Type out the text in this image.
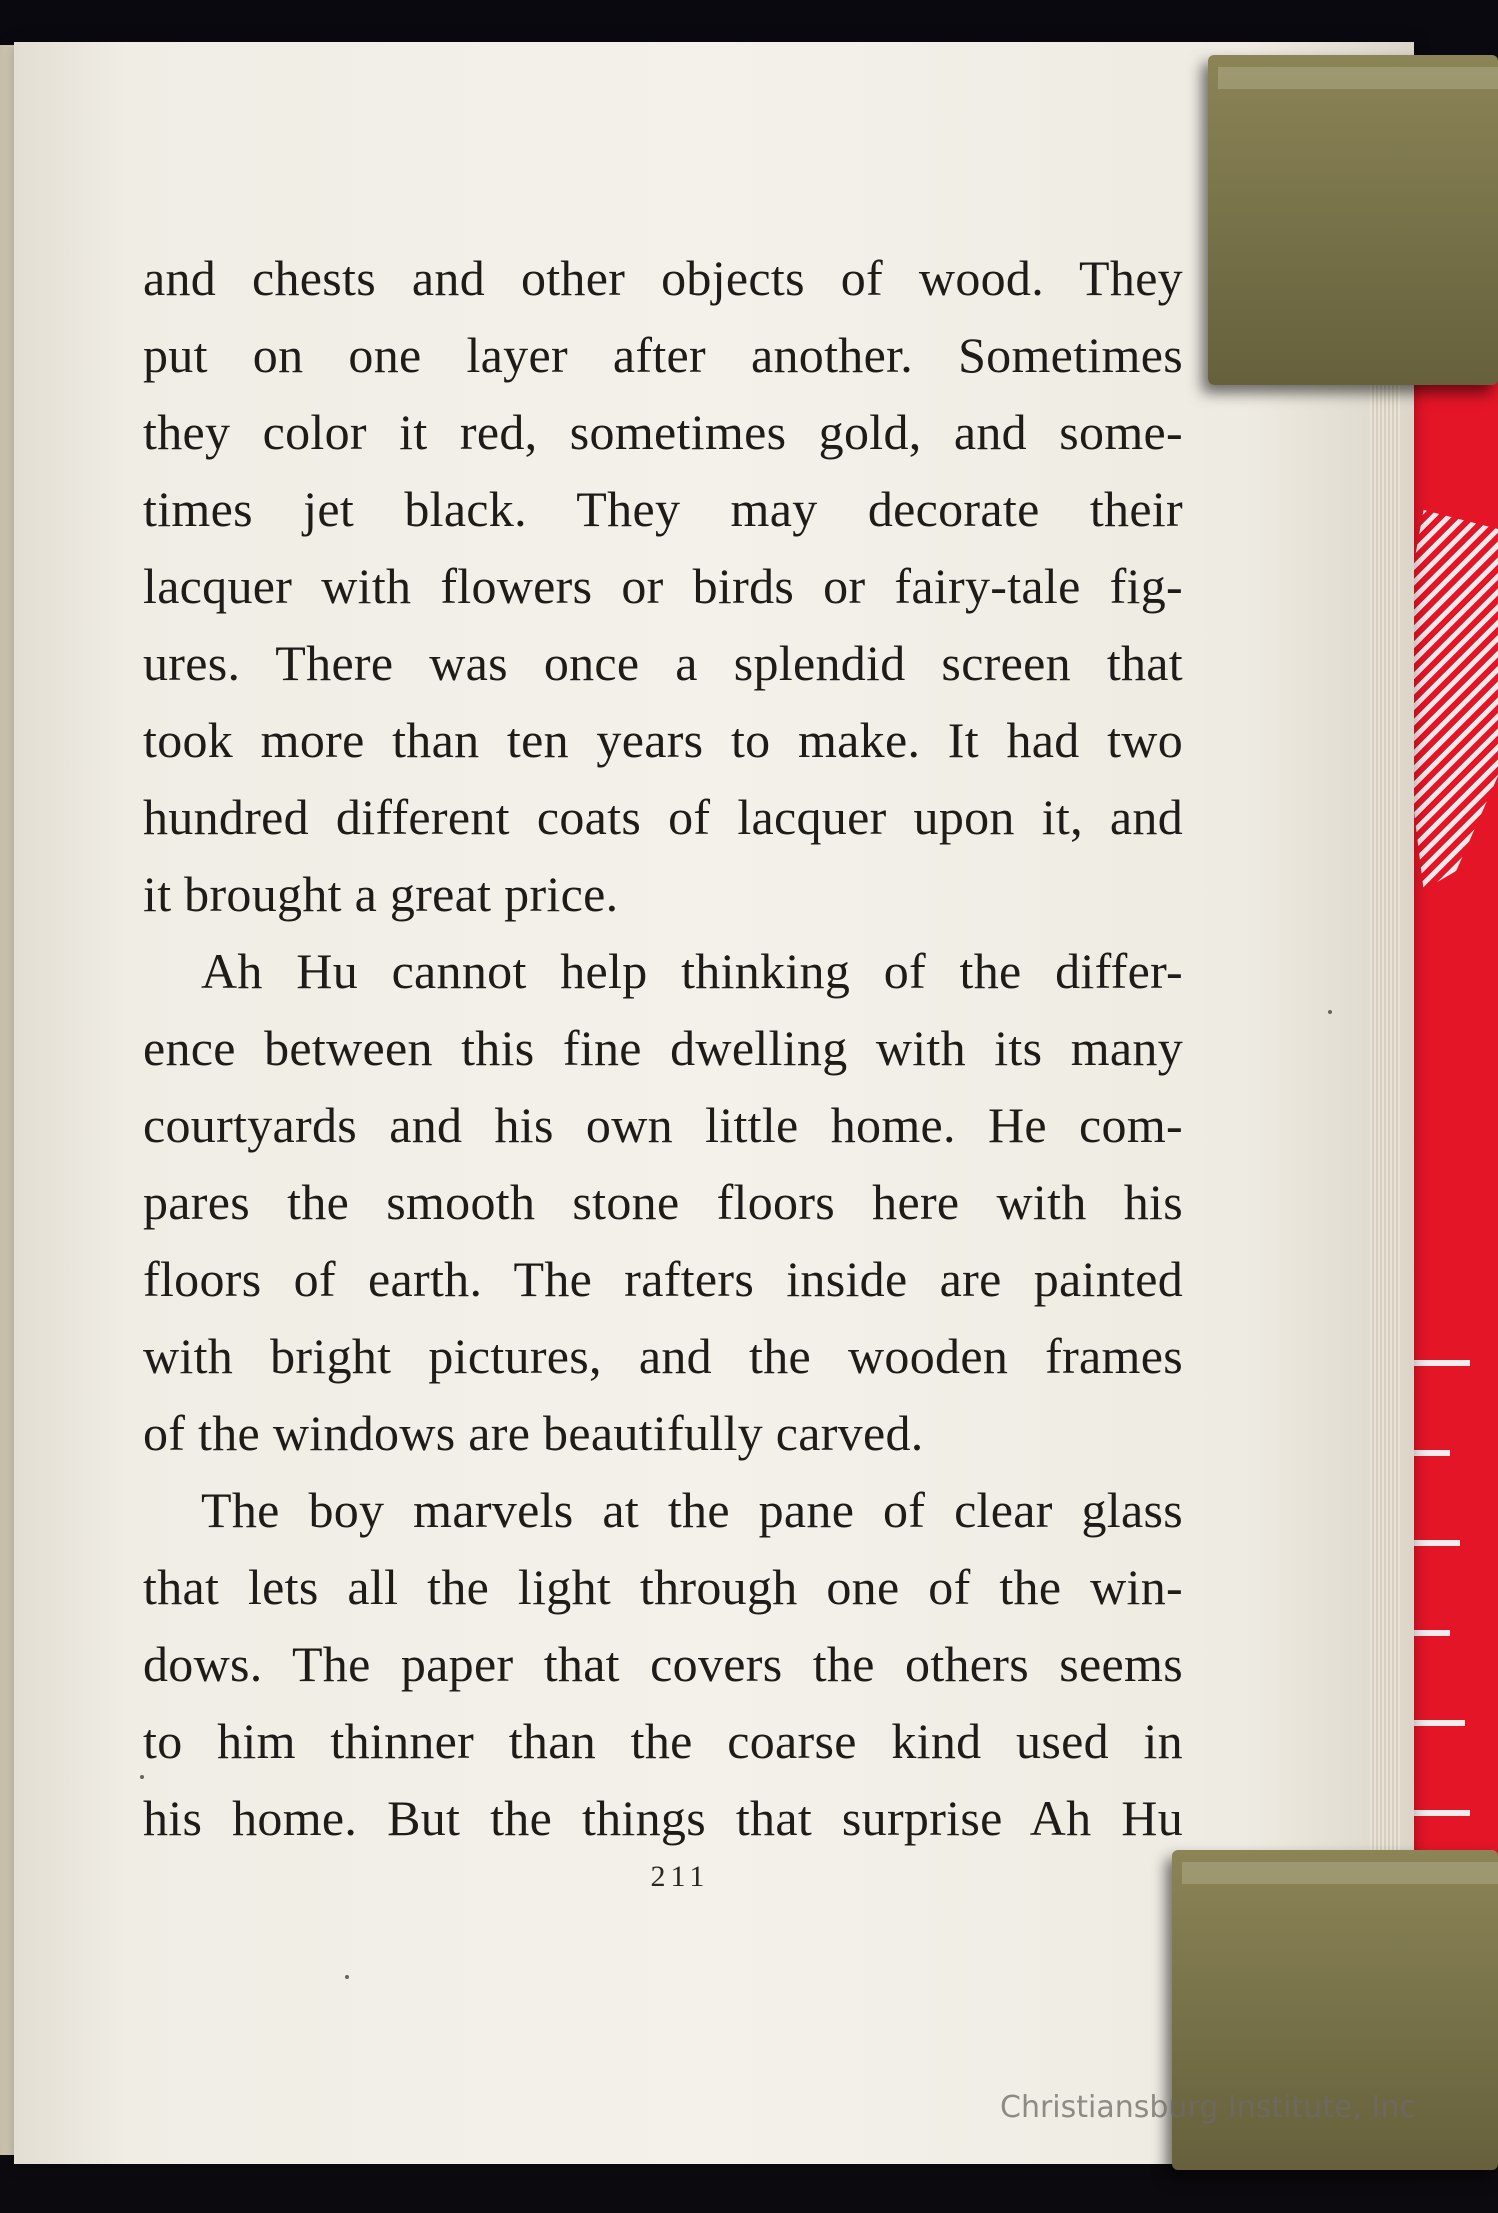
and chests and other objects of wood. They
put on one layer after another. Sometimes
they color it red, sometimes gold, and some-
times jet black. They may decorate their
lacquer with flowers or birds or fairy-tale fig-
ures. There was once a splendid screen that
took more than ten years to make. It had two
hundred different coats of lacquer upon it, and
it brought a great price.

Ah Hu cannot help thinking of the differ-
ence between this fine dwelling with its many
courtyards and his own little home. He com-
pares the smooth stone floors here with his
floors of earth. The rafters inside are painted
with bright pictures, and the wooden frames
of the windows are beautifully carved.

The boy marvels at the pane of clear glass
that lets all the light through one of the win-
dows. The paper that covers the others seems
to him thinner than the coarse kind used in
his home. But the things that surprise Ah Hu

211
Christiansburg Institute, Inc
